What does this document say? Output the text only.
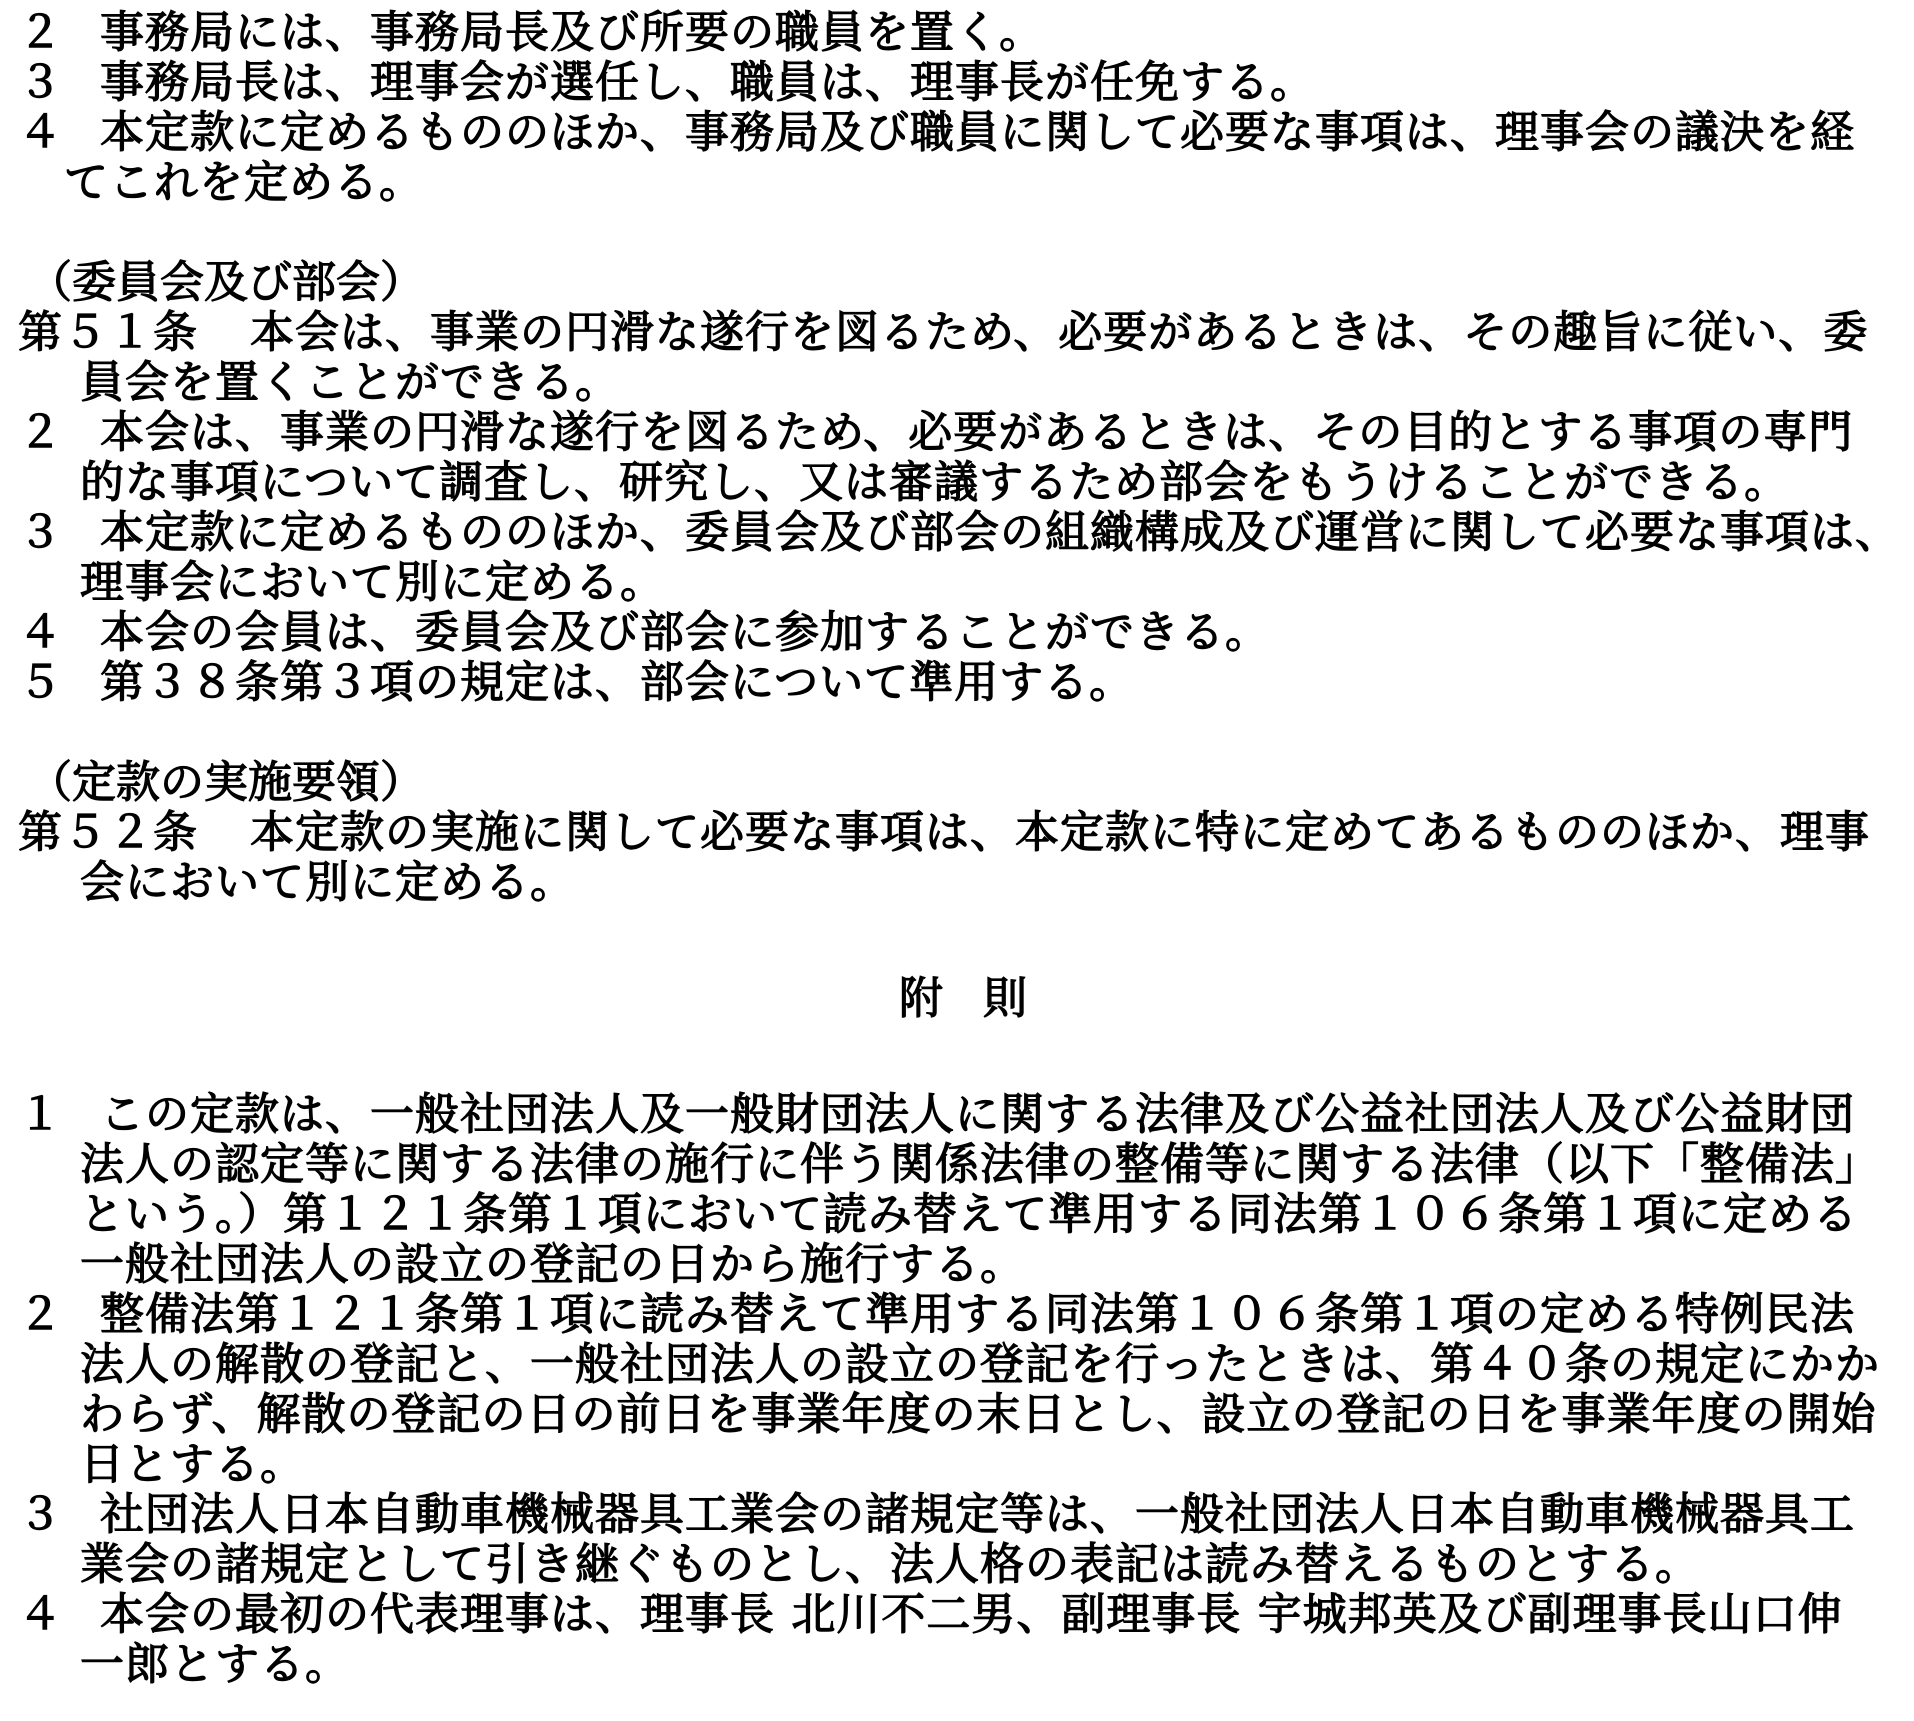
２ 事務局には、事務局長及び所要の職員を置く。
３ 事務局長は、理事会が選任し、職員は、理事長が任免する。
４ 本定款に定めるもののほか、事務局及び職員に関して必要な事項は、理事会の議決を経
てこれを定める。
（委員会及び部会）
第５１条 本会は、事業の円滑な遂行を図るため、必要があるときは、その趣旨に従い、委
員会を置くことができる。
２ 本会は、事業の円滑な遂行を図るため、必要があるときは、その目的とする事項の専門
的な事項について調査し、研究し、又は審議するため部会をもうけることができる。
３ 本定款に定めるもののほか、委員会及び部会の組織構成及び運営に関して必要な事項は、
理事会において別に定める。
４ 本会の会員は、委員会及び部会に参加することができる。
５ 第３８条第３項の規定は、部会について準用する。
（定款の実施要領）
第５２条 本定款の実施に関して必要な事項は、本定款に特に定めてあるもののほか、理事
会において別に定める。
附則
１ この定款は、一般社団法人及一般財団法人に関する法律及び公益社団法人及び公益財団
法人の認定等に関する法律の施行に伴う関係法律の整備等に関する法律（以下「整備法」
という。）第１２１条第１項において読み替えて準用する同法第１０６条第１項に定める
一般社団法人の設立の登記の日から施行する。
２ 整備法第１２１条第１項に読み替えて準用する同法第１０６条第１項の定める特例民法
法人の解散の登記と、一般社団法人の設立の登記を行ったときは、第４０条の規定にかか
わらず、解散の登記の日の前日を事業年度の末日とし、設立の登記の日を事業年度の開始
日とする。
３ 社団法人日本自動車機械器具工業会の諸規定等は、一般社団法人日本自動車機械器具工
業会の諸規定として引き継ぐものとし、法人格の表記は読み替えるものとする。
４ 本会の最初の代表理事は、理事長 北川不二男、副理事長 宇城邦英及び副理事長山口伸
一郎とする。
